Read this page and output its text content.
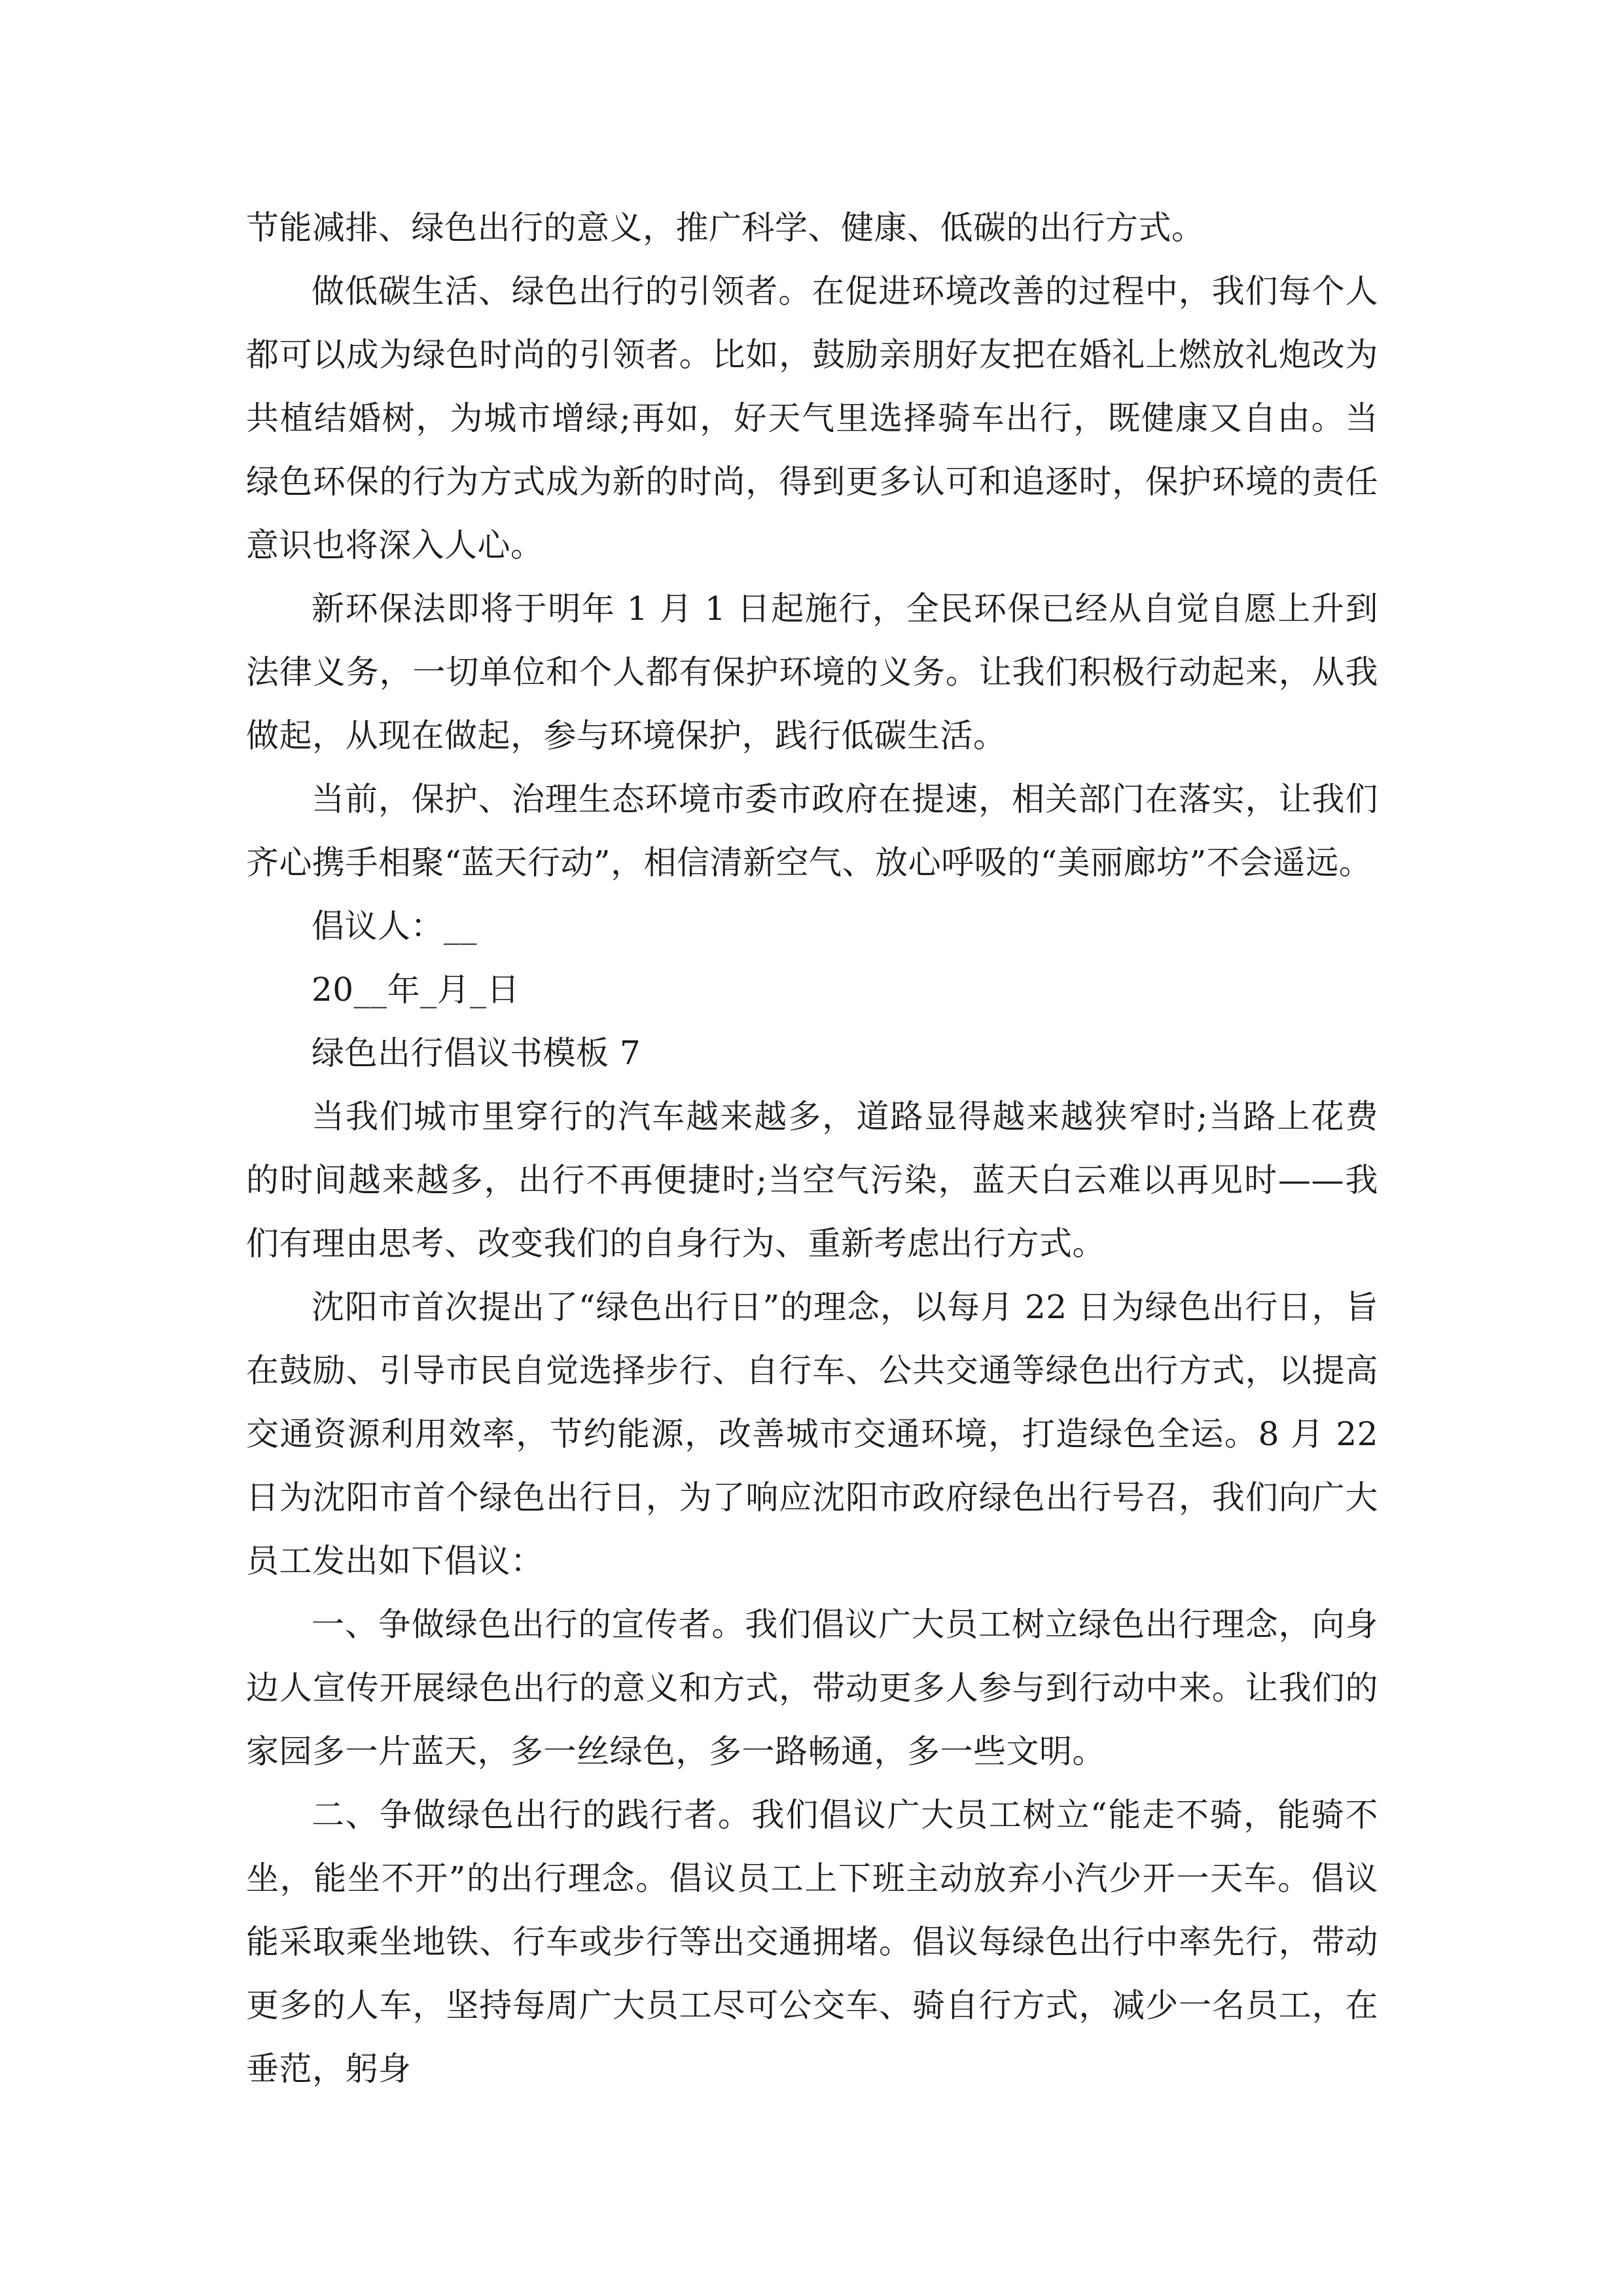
节能减排、绿色出行的意义，推广科学、健康、低碳的出行方式。

做低碳生活、绿色出行的引领者。在促进环境改善的过程中，我们每个人都可以成为绿色时尚的引领者。比如，鼓励亲朋好友把在婚礼上燃放礼炮改为共植结婚树，为城市增绿;再如，好天气里选择骑车出行，既健康又自由。当绿色环保的行为方式成为新的时尚，得到更多认可和追逐时，保护环境的责任意识也将深入人心。

新环保法即将于明年 1 月 1 日起施行，全民环保已经从自觉自愿上升到法律义务，一切单位和个人都有保护环境的义务。让我们积极行动起来，从我做起，从现在做起，参与环境保护，践行低碳生活。

当前，保护、治理生态环境市委市政府在提速，相关部门在落实，让我们齐心携手相聚“蓝天行动”，相信清新空气、放心呼吸的“美丽廊坊”不会遥远。

倡议人：__

20__年_月_日

绿色出行倡议书模板 7

当我们城市里穿行的汽车越来越多，道路显得越来越狭窄时;当路上花费的时间越来越多，出行不再便捷时;当空气污染，蓝天白云难以再见时——我们有理由思考、改变我们的自身行为、重新考虑出行方式。

沈阳市首次提出了“绿色出行日”的理念，以每月 22 日为绿色出行日，旨在鼓励、引导市民自觉选择步行、自行车、公共交通等绿色出行方式，以提高交通资源利用效率，节约能源，改善城市交通环境，打造绿色全运。8 月 22 日为沈阳市首个绿色出行日，为了响应沈阳市政府绿色出行号召，我们向广大员工发出如下倡议：

一、争做绿色出行的宣传者。我们倡议广大员工树立绿色出行理念，向身边人宣传开展绿色出行的意义和方式，带动更多人参与到行动中来。让我们的家园多一片蓝天，多一丝绿色，多一路畅通，多一些文明。

二、争做绿色出行的践行者。我们倡议广大员工树立“能走不骑，能骑不坐，能坐不开”的出行理念。倡议员工上下班主动放弃小汽少开一天车。倡议能采取乘坐地铁、行车或步行等出交通拥堵。倡议每绿色出行中率先行，带动更多的人车，坚持每周广大员工尽可公交车、骑自行方式，减少一名员工，在垂范，躬身
